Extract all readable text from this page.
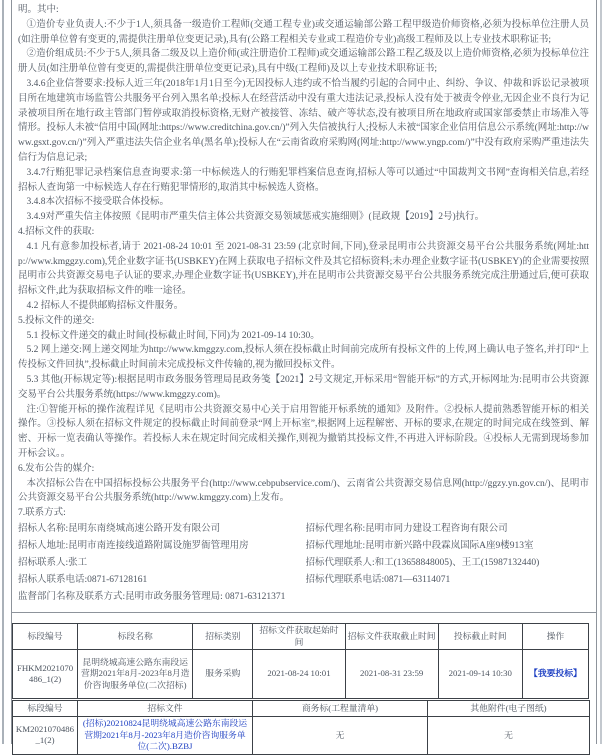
明。其中:

①造价专业负责人:不少于1人,须具备一级造价工程师(交通工程专业)或交通运输部公路工程甲级造价师资格,必须为投标单位注册人员(如注册单位曾有变更的,需提供注册单位变更记录),具有(公路工程相关专业或工程造价专业)高级工程师及以上专业技术职称证书;

②造价组成员:不少于5人,须具备二级及以上造价师(或注册造价工程师)或交通运输部公路工程乙级及以上造价师资格,必须为投标单位注册人员(如注册单位曾有变更的,需提供注册单位变更记录),具有中级(工程师)及以上专业技术职称证书;

3.4.6企业信誉要求:投标人近三年(2018年1月1日至今)无因投标人违约或不恰当履约引起的合同中止、纠纷、争议、仲裁和诉讼记录被项目所在地建筑市场监管公共服务平台列入黑名单;投标人在经营活动中没有重大违法记录,投标人没有处于被责令停业,无因企业不良行为记录被项目所在地行政主管部门暂停或取消投标资格,无财产被接管、冻结、破产等状态,没有被项目所在地政府或国家部委禁止市场准入等情形。投标人未被“信用中国(网址:https://www.creditchina.gov.cn/)”列入失信被执行人;投标人未被“国家企业信用信息公示系统(网址:http://www.gsxt.gov.cn/)”列入严重违法失信企业名单(黑名单);投标人在“云南省政府采购网(网址:http://www.yngp.com/)”中没有政府采购严重违法失信行为信息记录;

3.4.7行贿犯罪记录档案信息查询要求:第一中标候选人的行贿犯罪档案信息查询,招标人等可以通过“中国裁判文书网”查询相关信息,若经招标人查询第一中标候选人存在行贿犯罪情形的,取消其中标候选人资格。

3.4.8本次招标不接受联合体投标。

3.4.9对严重失信主体按照《昆明市严重失信主体公共资源交易领域惩戒实施细则》(昆政规【2019】2号)执行。

4.招标文件的获取:

4.1 凡有意参加投标者,请于 2021-08-24 10:01 至 2021-08-31 23:59 (北京时间,下同),登录昆明市公共资源交易平台公共服务系统(网址:http://www.kmggzy.com),凭企业数字证书(USBKEY)在网上获取电子招标文件及其它招标资料;未办理企业数字证书(USBKEY)的企业需要按照昆明市公共资源交易电子认证的要求,办理企业数字证书(USBKEY),并在昆明市公共资源交易平台公共服务系统完成注册通过后,便可获取招标文件,此为获取招标文件的唯一途径。

4.2 招标人不提供邮购招标文件服务。

5.投标文件的递交:

5.1 投标文件递交的截止时间(投标截止时间,下同)为 2021-09-14 10:30。

5.2 网上递交:网上递交网址为http://www.kmggzy.com,投标人须在投标截止时间前完成所有投标文件的上传,网上确认电子签名,并打印“上传投标文件回执”,投标截止时间前未完成投标文件传输的,视为撤回投标文件。

5.3 其他(开标规定等):根据昆明市政务服务管理局昆政务笺【2021】2号文规定,开标采用“智能开标”的方式,开标网址为:昆明市公共资源交易平台公共服务系统(https://www.kmggzy.com)。

注:①智能开标的操作流程详见《昆明市公共资源交易中心关于启用智能开标系统的通知》及附件。②投标人提前熟悉智能开标的相关操作。③投标人须在招标文件规定的投标截止时间前登录“网上开标室”,根据网上远程解密、开标的要求,在规定的时间完成在线签到、解密、开标一览表确认等操作。若投标人未在规定时间完成相关操作,则视为撤销其投标文件,不再进入评标阶段。④投标人无需到现场参加开标会议。。

6.发布公告的媒介:

本次招标公告在中国招标投标公共服务平台(http://www.cebpubservice.com/)、云南省公共资源交易信息网(http://ggzy.yn.gov.cn/)、昆明市公共资源交易平台公共服务系统(http://www.kmggzy.com)上发布。

7.联系方式:

招标人名称:昆明东南绕城高速公路开发有限公司	招标代理名称:昆明市同力建设工程咨询有限公司
招标人地址:昆明市南连接线道路附属设施罗衙管理用房	招标代理地址:昆明市新兴路中段霖岚国际A座9楼913室
招标联系人:张工	招标代理联系人:和工(13658848005)、王工(15987132440)
招标人联系电话:0871-67128161	招标代理联系电话:0871—63114071
监督部门名称及联系方式:昆明市政务服务管理局: 0871-63121371
标段编号	标段名称	招标类别	招标文件获取起始时间	招标文件获取截止时间	投标截止时间	操作
FHKM2021070486_1(2)	昆明绕城高速公路东南段运营期2021年8月-2023年8月造价咨询服务单位(二次招标)	服务采购	2021-08-24 10:01	2021-08-31 23:59	2021-09-14 10:30	【我要投标】
标段编号	招标文件	商务标(工程量清单)	其他附件(电子图纸)
KM2021070486_1(2)	(招标)20210824昆明绕城高速公路东南段运营期2021年8月-2023年8月造价咨询服务单位(二次).BZBJ	无	无
